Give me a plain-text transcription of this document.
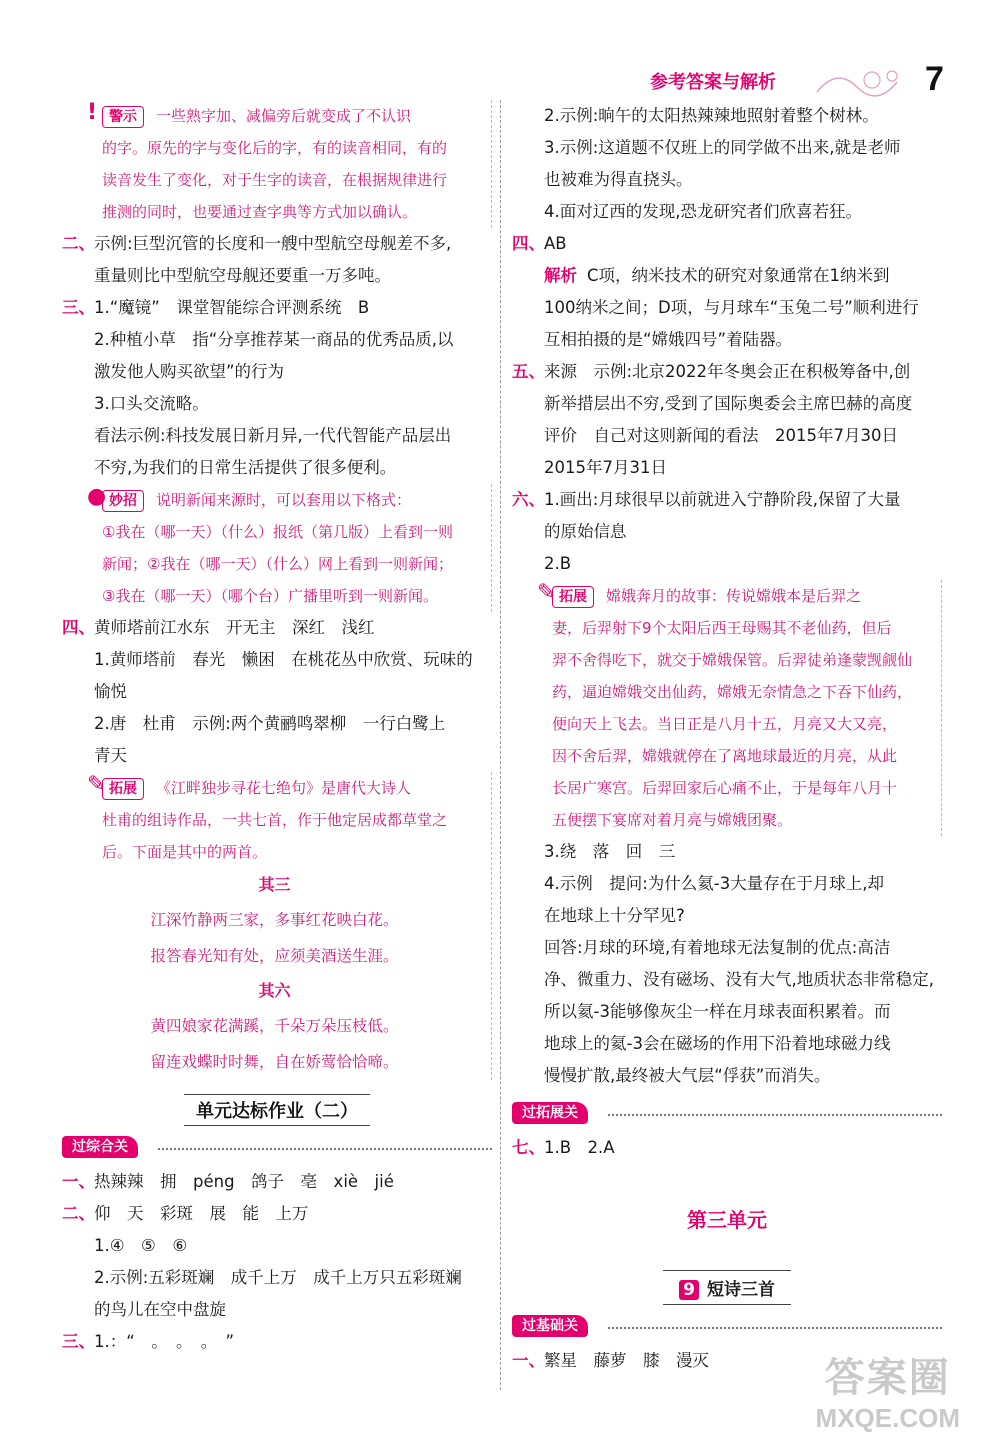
参考答案与解析	7
! 警示 一些熟字加、减偏旁后就变成了不认识
的字。原先的字与变化后的字，有的读音相同，有的
读音发生了变化，对于生字的读音，在根据规律进行
推测的同时，也要通过查字典等方式加以确认。
二、示例:巨型沉管的长度和一艘中型航空母舰差不多,
重量则比中型航空母舰还要重一万多吨。
三、1.“魔镜”　课堂智能综合评测系统　B
2.种植小草　指“分享推荐某一商品的优秀品质,以
激发他人购买欲望”的行为
3.口头交流略。
看法示例:科技发展日新月异,一代代智能产品层出
不穷,为我们的日常生活提供了很多便利。
● 妙招 说明新闻来源时，可以套用以下格式：
①我在（哪一天）（什么）报纸（第几版）上看到一则
新闻；②我在（哪一天）（什么）网上看到一则新闻；
③我在（哪一天）（哪个台）广播里听到一则新闻。
四、黄师塔前江水东　开无主　深红　浅红
1.黄师塔前　春光　懒困　在桃花丛中欣赏、玩味的
愉悦
2.唐　杜甫　示例:两个黄鹂鸣翠柳　一行白鹭上
青天
✎ 拓展 《江畔独步寻花七绝句》是唐代大诗人
杜甫的组诗作品，一共七首，作于他定居成都草堂之
后。下面是其中的两首。
其三
江深竹静两三家，多事红花映白花。
报答春光知有处，应须美酒送生涯。
其六
黄四娘家花满蹊，千朵万朵压枝低。
留连戏蝶时时舞，自在娇莺恰恰啼。
单元达标作业（二）
过综合关
一、热辣辣　拥　péng　鸽子　亳　xiè　jié
二、仰　天　彩斑　展　能　上万
1.④　⑤　⑥
2.示例:五彩斑斓　成千上万　成千上万只五彩斑斓
的鸟儿在空中盘旋
三、1.：“　。　。　。　”
2.示例:晌午的太阳热辣辣地照射着整个树林。
3.示例:这道题不仅班上的同学做不出来,就是老师
也被难为得直挠头。
4.面对辽西的发现,恐龙研究者们欣喜若狂。
四、AB
解析 C项，纳米技术的研究对象通常在1纳米到
100纳米之间；D项，与月球车“玉兔二号”顺利进行
互相拍摄的是“嫦娥四号”着陆器。
五、来源　示例:北京2022年冬奥会正在积极筹备中,创
新举措层出不穷,受到了国际奥委会主席巴赫的高度
评价　自己对这则新闻的看法　2015年7月30日
2015年7月31日
六、1.画出:月球很早以前就进入宁静阶段,保留了大量
的原始信息
2.B
✎ 拓展 嫦娥奔月的故事：传说嫦娥本是后羿之
妻，后羿射下9个太阳后西王母赐其不老仙药，但后
羿不舍得吃下，就交于嫦娥保管。后羿徒弟逢蒙觊觎仙
药，逼迫嫦娥交出仙药，嫦娥无奈情急之下吞下仙药，
便向天上飞去。当日正是八月十五，月亮又大又亮，
因不舍后羿，嫦娥就停在了离地球最近的月亮，从此
长居广寒宫。后羿回家后心痛不止，于是每年八月十
五便摆下宴席对着月亮与嫦娥团聚。
3.绕　落　回　三
4.示例　提问:为什么氦-3大量存在于月球上,却
在地球上十分罕见?
回答:月球的环境,有着地球无法复制的优点:高洁
净、微重力、没有磁场、没有大气,地质状态非常稳定,
所以氦-3能够像灰尘一样在月球表面积累着。而
地球上的氦-3会在磁场的作用下沿着地球磁力线
慢慢扩散,最终被大气层“俘获”而消失。
过拓展关
七、1.B　2.A
第三单元
9 短诗三首
过基础关
一、繁星　藤萝　膝　漫灭	答案圈
MXQE.COM
